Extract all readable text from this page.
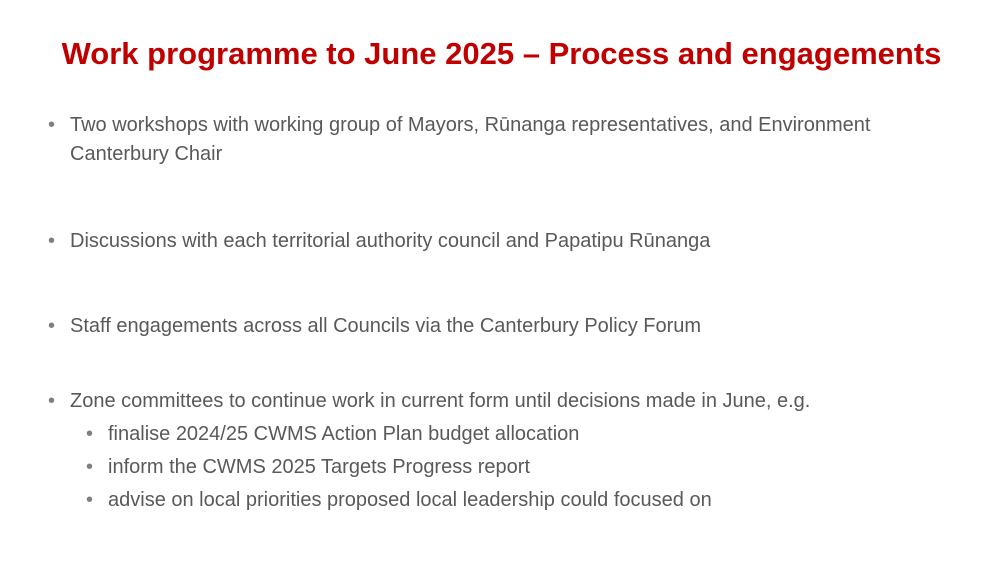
Work programme to June 2025 – Process and engagements
• Two workshops with working group of Mayors, Rūnanga representatives, and Environment Canterbury Chair
• Discussions with each territorial authority council and Papatipu Rūnanga
• Staff engagements across all Councils via the Canterbury Policy Forum
• Zone committees to continue work in current form until decisions made in June, e.g.
• finalise 2024/25 CWMS Action Plan budget allocation
• inform the CWMS 2025 Targets Progress report
• advise on local priorities proposed local leadership could focused on
